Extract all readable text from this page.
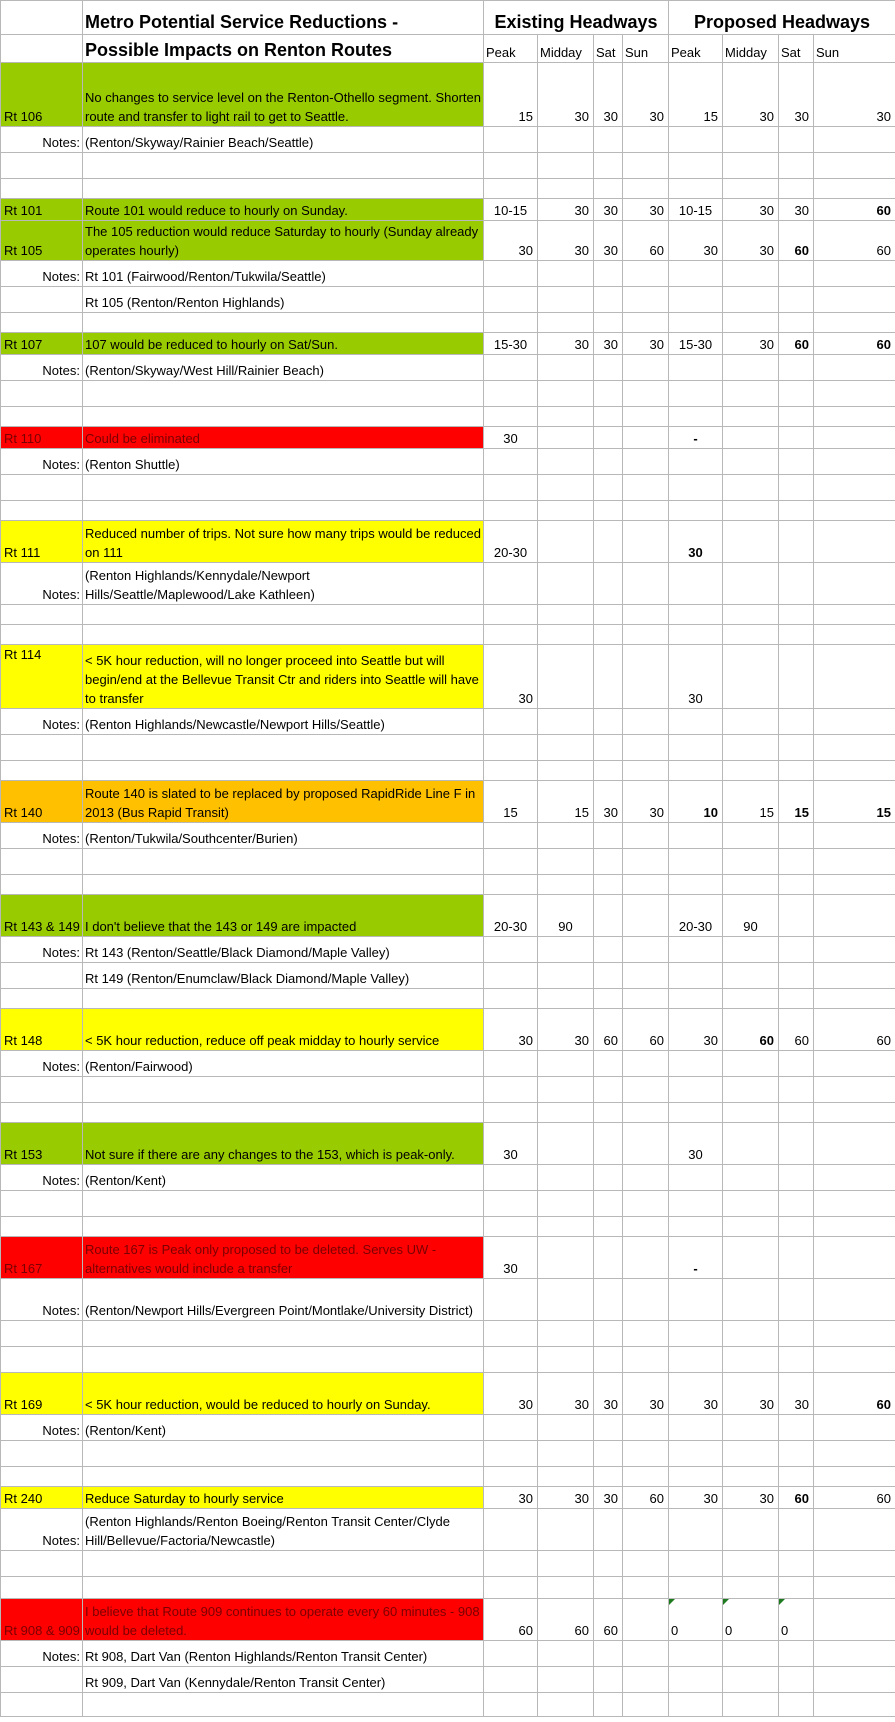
	Metro Potential Service Reductions -	Existing Headways				Proposed Headways			
	Possible Impacts on Renton Routes	Peak	Midday	Sat	Sun	Peak	Midday	Sat	Sun
Rt 106	No changes to service level on the Renton-Othello segment. Shorten route and transfer to light rail to get to Seattle.	15	30	30	30	15	30	30	30
Notes:	(Renton/Skyway/Rainier Beach/Seattle)								

Rt 101	Route 101 would reduce to hourly on Sunday.	10-15	30	30	30	10-15	30	30	60
Rt 105	The 105 reduction would reduce Saturday to hourly (Sunday already operates hourly)	30	30	30	60	30	30	60	60
Notes:	Rt 101 (Fairwood/Renton/Tukwila/Seattle)								
	Rt 105 (Renton/Renton Highlands)								

Rt 107	107 would be reduced to hourly on Sat/Sun.	15-30	30	30	30	15-30	30	60	60
Notes:	(Renton/Skyway/West Hill/Rainier Beach)								

Rt 110	Could be eliminated	30				-			
Notes:	(Renton Shuttle)								

Rt 111	Reduced number of trips. Not sure how many trips would be reduced on 111	20-30				30			
Notes:	(Renton Highlands/Kennydale/Newport Hills/Seattle/Maplewood/Lake Kathleen)								

Rt 114	< 5K hour reduction, will no longer proceed into Seattle but will begin/end at the Bellevue Transit Ctr and riders into Seattle will have to transfer	30				30			
Notes:	(Renton Highlands/Newcastle/Newport Hills/Seattle)								

Rt 140	Route 140 is slated to be replaced by proposed RapidRide Line F in 2013 (Bus Rapid Transit)	15	15	30	30	10	15	15	15
Notes:	(Renton/Tukwila/Southcenter/Burien)								

Rt 143 & 149	I don't believe that the 143 or 149 are impacted	20-30	90			20-30	90		
Notes:	Rt 143 (Renton/Seattle/Black Diamond/Maple Valley)								
	Rt 149 (Renton/Enumclaw/Black Diamond/Maple Valley)								

Rt 148	< 5K hour reduction, reduce off peak midday to hourly service	30	30	60	60	30	60	60	60
Notes:	(Renton/Fairwood)								

Rt 153	Not sure if there are any changes to the 153, which is peak-only.	30				30			
Notes:	(Renton/Kent)								

Rt 167	Route 167 is Peak only proposed to be deleted. Serves UW - alternatives would include a transfer	30				-			
Notes:	(Renton/Newport Hills/Evergreen Point/Montlake/University District)								

Rt 169	< 5K hour reduction, would be reduced to hourly on Sunday.	30	30	30	30	30	30	30	60
Notes:	(Renton/Kent)								

Rt 240	Reduce Saturday to hourly service	30	30	30	60	30	30	60	60
Notes:	(Renton Highlands/Renton Boeing/Renton Transit Center/Clyde Hill/Bellevue/Factoria/Newcastle)								

Rt 908 & 909	I believe that Route 909 continues to operate every 60 minutes - 908 would be deleted.	60	60	60		0	0	0	
Notes:	Rt 908, Dart Van (Renton Highlands/Renton Transit Center)								
	Rt 909, Dart Van (Kennydale/Renton Transit Center)								
